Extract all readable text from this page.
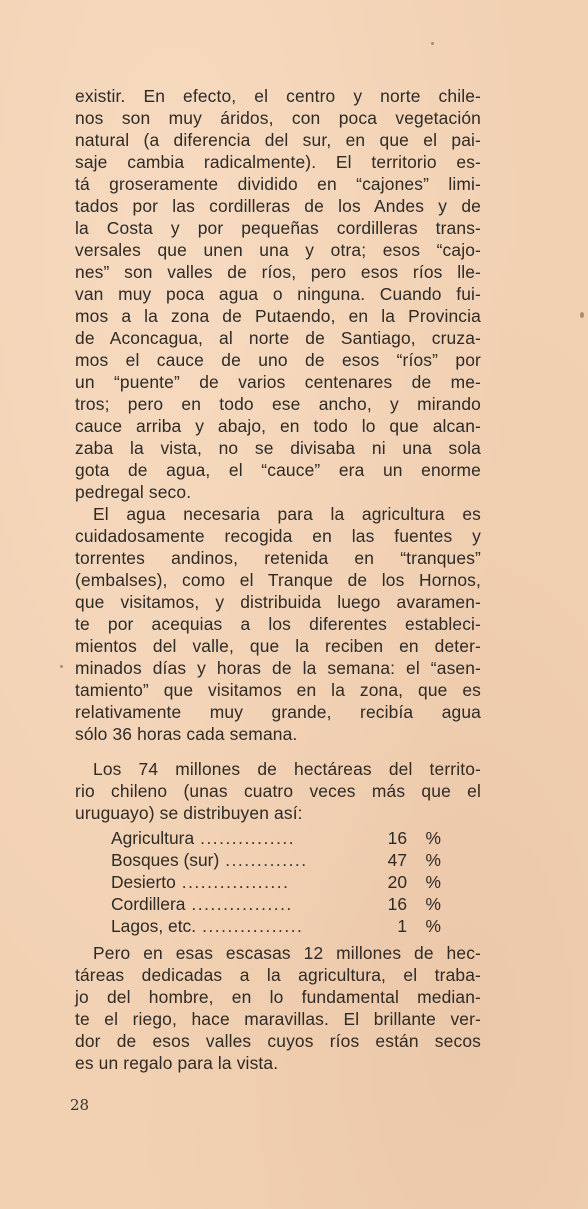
existir. En efecto, el centro y norte chile-
nos son muy áridos, con poca vegetación
natural (a diferencia del sur, en que el pai-
saje cambia radicalmente). El territorio es-
tá groseramente dividido en “cajones” limi-
tados por las cordilleras de los Andes y de
la Costa y por pequeñas cordilleras trans-
versales que unen una y otra; esos “cajo-
nes” son valles de ríos, pero esos ríos lle-
van muy poca agua o ninguna. Cuando fui-
mos a la zona de Putaendo, en la Provincia
de Aconcagua, al norte de Santiago, cruza-
mos el cauce de uno de esos “ríos” por
un “puente” de varios centenares de me-
tros; pero en todo ese ancho, y mirando
cauce arriba y abajo, en todo lo que alcan-
zaba la vista, no se divisaba ni una sola
gota de agua, el “cauce” era un enorme
pedregal seco.
El agua necesaria para la agricultura es
cuidadosamente recogida en las fuentes y
torrentes andinos, retenida en “tranques”
(embalses), como el Tranque de los Hornos,
que visitamos, y distribuida luego avaramen-
te por acequias a los diferentes estableci-
mientos del valle, que la reciben en deter-
minados días y horas de la semana: el “asen-
tamiento” que visitamos en la zona, que es
relativamente muy grande, recibía agua
sólo 36 horas cada semana.
Los 74 millones de hectáreas del territo-
rio chileno (unas cuatro veces más que el
uruguayo) se distribuyen así:
Agricultura ...............	16	%
Bosques (sur) .............	47	%
Desierto .................	20	%
Cordillera ................	16	%
Lagos, etc. ................	1	%
Pero en esas escasas 12 millones de hec-
táreas dedicadas a la agricultura, el traba-
jo del hombre, en lo fundamental median-
te el riego, hace maravillas. El brillante ver-
dor de esos valles cuyos ríos están secos
es un regalo para la vista.
28
